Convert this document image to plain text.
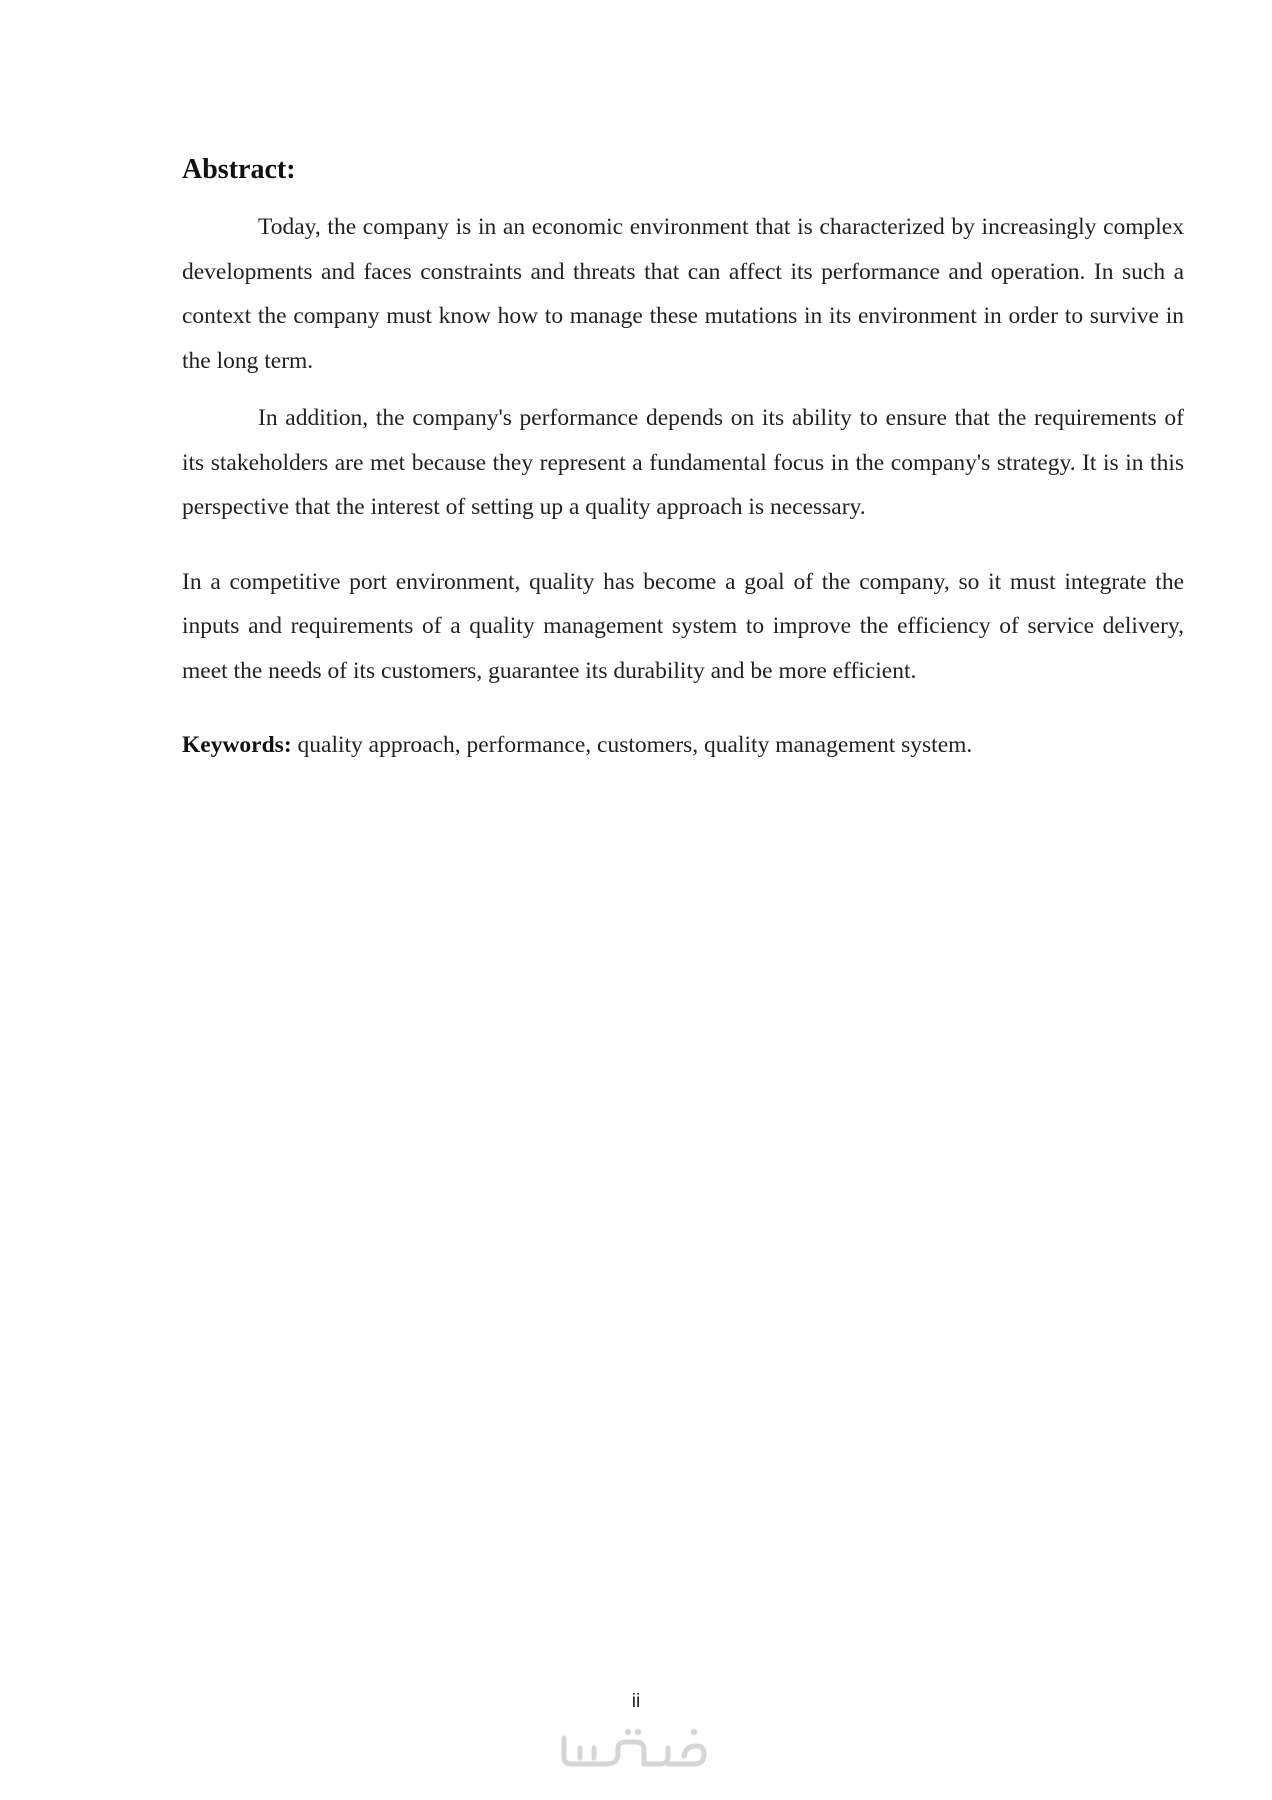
Abstract:

Today, the company is in an economic environment that is characterized by increasingly complex developments and faces constraints and threats that can affect its performance and operation. In such a context the company must know how to manage these mutations in its environment in order to survive in the long term.

In addition, the company's performance depends on its ability to ensure that the requirements of its stakeholders are met because they represent a fundamental focus in the company's strategy. It is in this perspective that the interest of setting up a quality approach is necessary.

In a competitive port environment, quality has become a goal of the company, so it must integrate the inputs and requirements of a quality management system to improve the efficiency of service delivery, meet the needs of its customers, guarantee its durability and be more efficient.

Keywords: quality approach, performance, customers, quality management system.

ii
